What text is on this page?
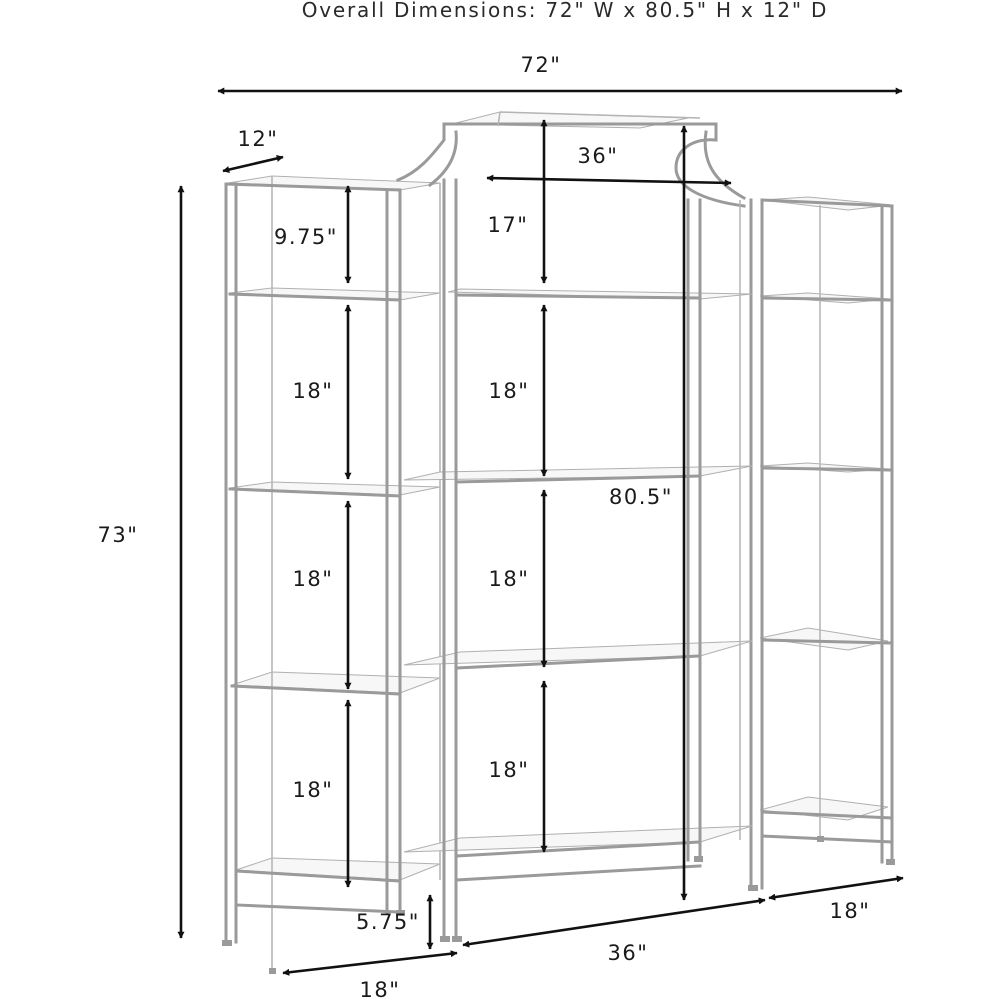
Overall Dimensions: 72" W x 80.5" H x 12" D
72"
12"
73"
36"
17"
9.75"
18"
18"
18"
18"
18"
18"
80.5"
5.75"
18"
36"
18"
